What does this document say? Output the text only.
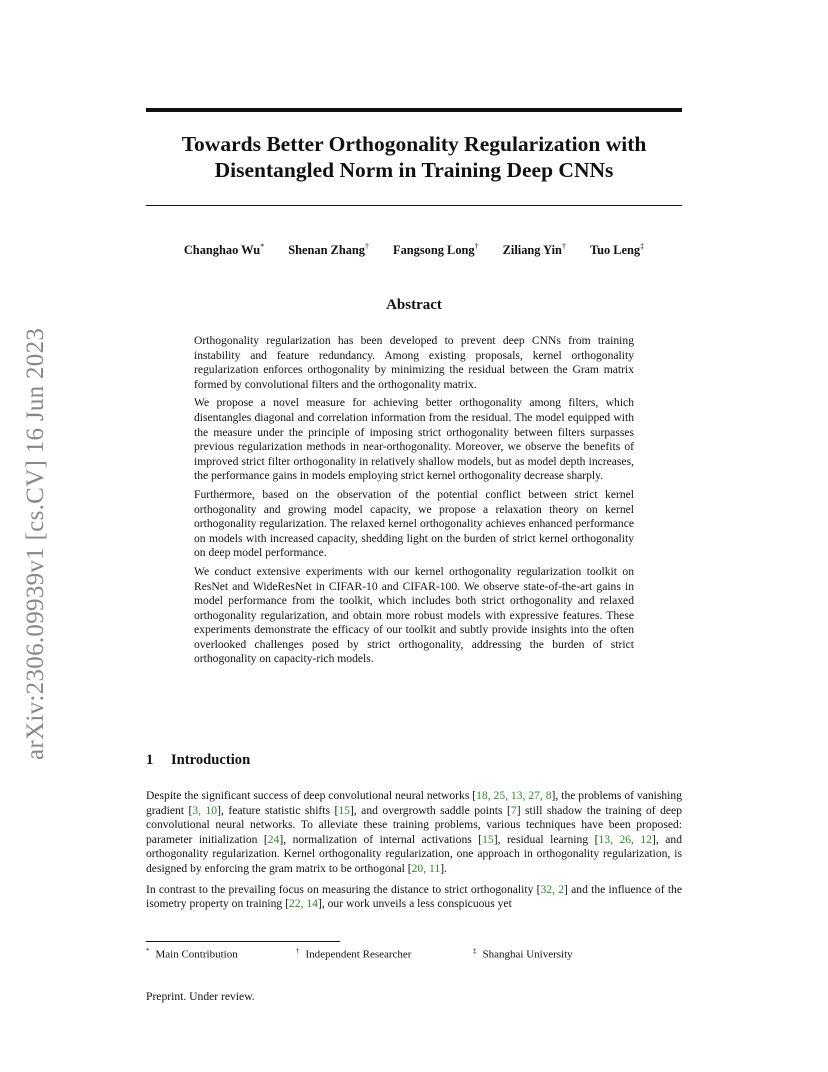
arXiv:2306.09939v1 [cs.CV] 16 Jun 2023
Towards Better Orthogonality Regularization with
Disentangled Norm in Training Deep CNNs
Changhao Wu* Shenan Zhang† Fangsong Long† Ziliang Yin† Tuo Leng‡
Abstract

Orthogonality regularization has been developed to prevent deep CNNs from training instability and feature redundancy. Among existing proposals, kernel orthogonality regularization enforces orthogonality by minimizing the residual between the Gram matrix formed by convolutional filters and the orthogonality matrix.

We propose a novel measure for achieving better orthogonality among filters, which disentangles diagonal and correlation information from the residual. The model equipped with the measure under the principle of imposing strict orthogonality between filters surpasses previous regularization methods in near-orthogonality. Moreover, we observe the benefits of improved strict filter orthogonality in relatively shallow models, but as model depth increases, the performance gains in models employing strict kernel orthogonality decrease sharply.

Furthermore, based on the observation of the potential conflict between strict kernel orthogonality and growing model capacity, we propose a relaxation theory on kernel orthogonality regularization. The relaxed kernel orthogonality achieves enhanced performance on models with increased capacity, shedding light on the burden of strict kernel orthogonality on deep model performance.

We conduct extensive experiments with our kernel orthogonality regularization toolkit on ResNet and WideResNet in CIFAR-10 and CIFAR-100. We observe state-of-the-art gains in model performance from the toolkit, which includes both strict orthogonality and relaxed orthogonality regularization, and obtain more robust models with expressive features. These experiments demonstrate the efficacy of our toolkit and subtly provide insights into the often overlooked challenges posed by strict orthogonality, addressing the burden of strict orthogonality on capacity-rich models.

1 Introduction

Despite the significant success of deep convolutional neural networks [18, 25, 13, 27, 8], the problems of vanishing gradient [3, 10], feature statistic shifts [15], and overgrowth saddle points [7] still shadow the training of deep convolutional neural networks. To alleviate these training problems, various techniques have been proposed: parameter initialization [24], normalization of internal activations [15], residual learning [13, 26, 12], and orthogonality regularization. Kernel orthogonality regularization, one approach in orthogonality regularization, is designed by enforcing the gram matrix to be orthogonal [20, 11].

In contrast to the prevailing focus on measuring the distance to strict orthogonality [32, 2] and the influence of the isometry property on training [22, 14], our work unveils a less conspicuous yet

* Main Contribution	† Independent Researcher	‡ Shanghai University
Preprint. Under review.
